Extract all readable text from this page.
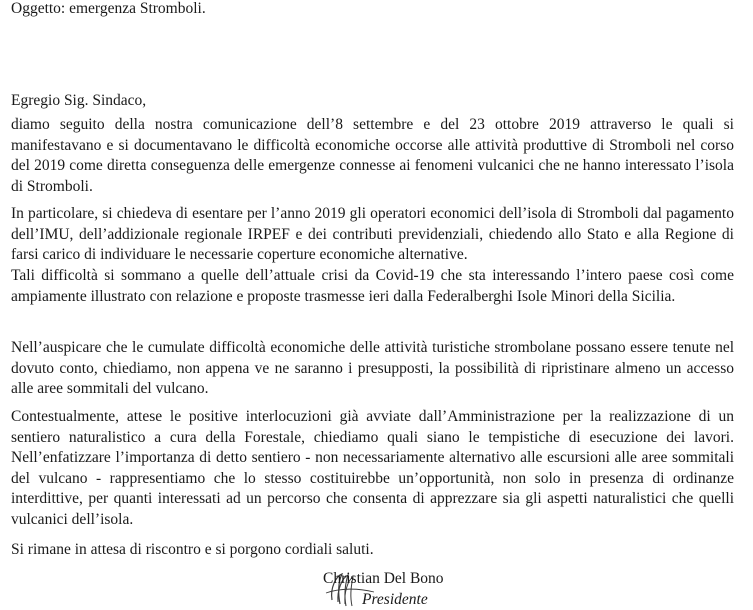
Oggetto: emergenza Stromboli.
Egregio Sig. Sindaco,

diamo seguito della nostra comunicazione dell’8 settembre e del 23 ottobre 2019 attraverso le quali si manifestavano e si documentavano le difficoltà economiche occorse alle attività produttive di Stromboli nel corso del 2019 come diretta conseguenza delle emergenze connesse ai fenomeni vulcanici che ne hanno interessato l’isola di Stromboli.

In particolare, si chiedeva di esentare per l’anno 2019 gli operatori economici dell’isola di Stromboli dal pagamento dell’IMU, dell’addizionale regionale IRPEF e dei contributi previdenziali, chiedendo allo Stato e alla Regione di farsi carico di individuare le necessarie coperture economiche alternative.

Tali difficoltà si sommano a quelle dell’attuale crisi da Covid-19 che sta interessando l’intero paese così come ampiamente illustrato con relazione e proposte trasmesse ieri dalla Federalberghi Isole Minori della Sicilia.

Nell’auspicare che le cumulate difficoltà economiche delle attività turistiche strombolane possano essere tenute nel dovuto conto, chiediamo, non appena ve ne saranno i presupposti, la possibilità di ripristinare almeno un accesso alle aree sommitali del vulcano.

Contestualmente, attese le positive interlocuzioni già avviate dall’Amministrazione per la realizzazione di un sentiero naturalistico a cura della Forestale, chiediamo quali siano le tempistiche di esecuzione dei lavori. Nell’enfatizzare l’importanza di detto sentiero - non necessariamente alternativo alle escursioni alle aree sommitali del vulcano - rappresentiamo che lo stesso costituirebbe un’opportunità, non solo in presenza di ordinanze interdittive, per quanti interessati ad un percorso che consenta di apprezzare sia gli aspetti naturalistici che quelli vulcanici dell’isola.

Si rimane in attesa di riscontro e si porgono cordiali saluti.
Christian Del Bono
Presidente
